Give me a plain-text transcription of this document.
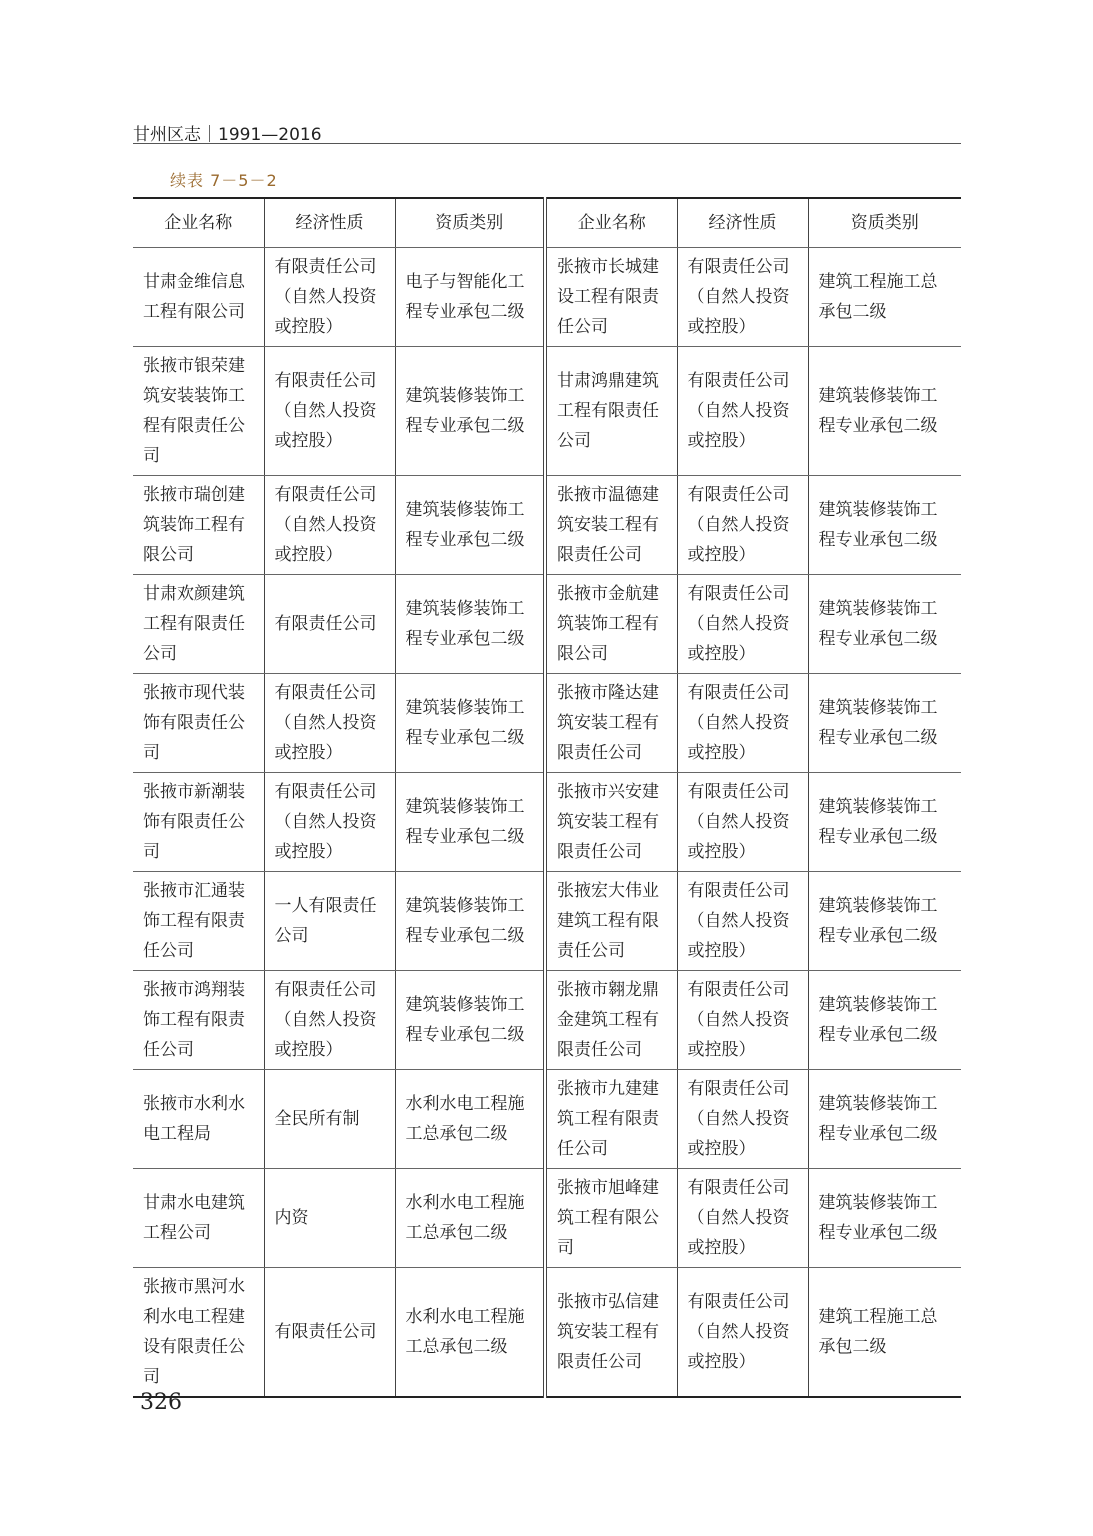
甘州区志｜1991—2016
续表 7－5－2
企业名称	经济性质	资质类别	企业名称	经济性质	资质类别
甘肃金维信息工程有限公司	有限责任公司（自然人投资或控股）	电子与智能化工程专业承包二级	张掖市长城建设工程有限责任公司	有限责任公司（自然人投资或控股）	建筑工程施工总承包二级
张掖市银荣建筑安装装饰工程有限责任公司	有限责任公司（自然人投资或控股）	建筑装修装饰工程专业承包二级	甘肃鸿鼎建筑工程有限责任公司	有限责任公司（自然人投资或控股）	建筑装修装饰工程专业承包二级
张掖市瑞创建筑装饰工程有限公司	有限责任公司（自然人投资或控股）	建筑装修装饰工程专业承包二级	张掖市温德建筑安装工程有限责任公司	有限责任公司（自然人投资或控股）	建筑装修装饰工程专业承包二级
甘肃欢颜建筑工程有限责任公司	有限责任公司	建筑装修装饰工程专业承包二级	张掖市金航建筑装饰工程有限公司	有限责任公司（自然人投资或控股）	建筑装修装饰工程专业承包二级
张掖市现代装饰有限责任公司	有限责任公司（自然人投资或控股）	建筑装修装饰工程专业承包二级	张掖市隆达建筑安装工程有限责任公司	有限责任公司（自然人投资或控股）	建筑装修装饰工程专业承包二级
张掖市新潮装饰有限责任公司	有限责任公司（自然人投资或控股）	建筑装修装饰工程专业承包二级	张掖市兴安建筑安装工程有限责任公司	有限责任公司（自然人投资或控股）	建筑装修装饰工程专业承包二级
张掖市汇通装饰工程有限责任公司	一人有限责任公司	建筑装修装饰工程专业承包二级	张掖宏大伟业建筑工程有限责任公司	有限责任公司（自然人投资或控股）	建筑装修装饰工程专业承包二级
张掖市鸿翔装饰工程有限责任公司	有限责任公司（自然人投资或控股）	建筑装修装饰工程专业承包二级	张掖市翱龙鼎金建筑工程有限责任公司	有限责任公司（自然人投资或控股）	建筑装修装饰工程专业承包二级
张掖市水利水电工程局	全民所有制	水利水电工程施工总承包二级	张掖市九建建筑工程有限责任公司	有限责任公司（自然人投资或控股）	建筑装修装饰工程专业承包二级
甘肃水电建筑工程公司	内资	水利水电工程施工总承包二级	张掖市旭峰建筑工程有限公司	有限责任公司（自然人投资或控股）	建筑装修装饰工程专业承包二级
张掖市黑河水利水电工程建设有限责任公司	有限责任公司	水利水电工程施工总承包二级	张掖市弘信建筑安装工程有限责任公司	有限责任公司（自然人投资或控股）	建筑工程施工总承包二级
326
